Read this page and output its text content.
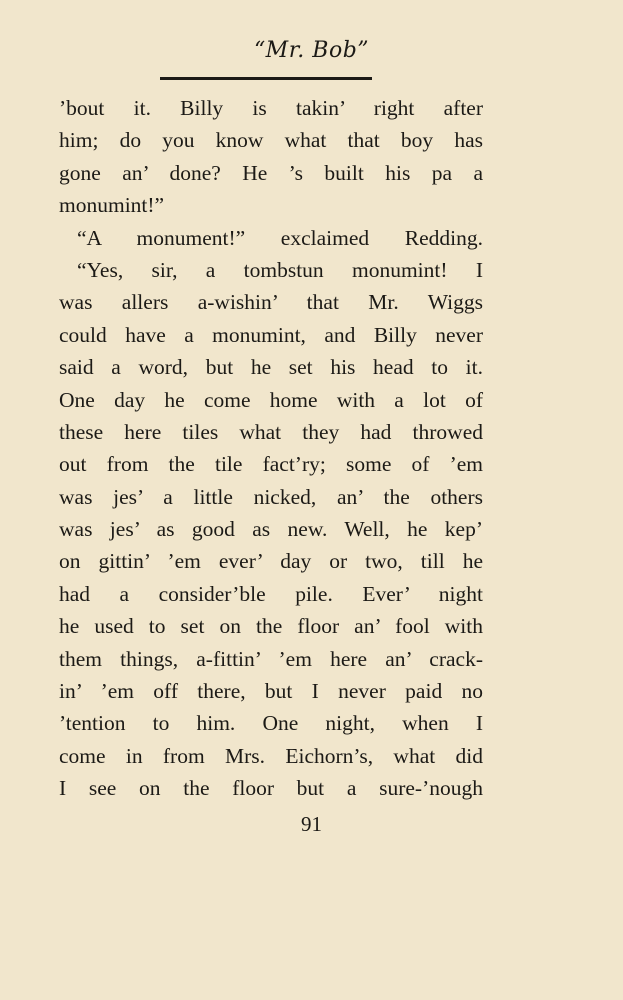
“Mr. Bob”
’bout it. Billy is takin’ right after
him; do you know what that boy has
gone an’ done? He ’s built his pa a
monumint!”
“A monument!” exclaimed Redding.
“Yes, sir, a tombstun monumint! I
was allers a-wishin’ that Mr. Wiggs
could have a monumint, and Billy never
said a word, but he set his head to it.
One day he come home with a lot of
these here tiles what they had throwed
out from the tile fact’ry; some of ’em
was jes’ a little nicked, an’ the others
was jes’ as good as new. Well, he kep’
on gittin’ ’em ever’ day or two, till he
had a consider’ble pile. Ever’ night
he used to set on the floor an’ fool with
them things, a-fittin’ ’em here an’ crack-
in’ ’em off there, but I never paid no
’tention to him. One night, when I
come in from Mrs. Eichorn’s, what did
I see on the floor but a sure-’nough
91
